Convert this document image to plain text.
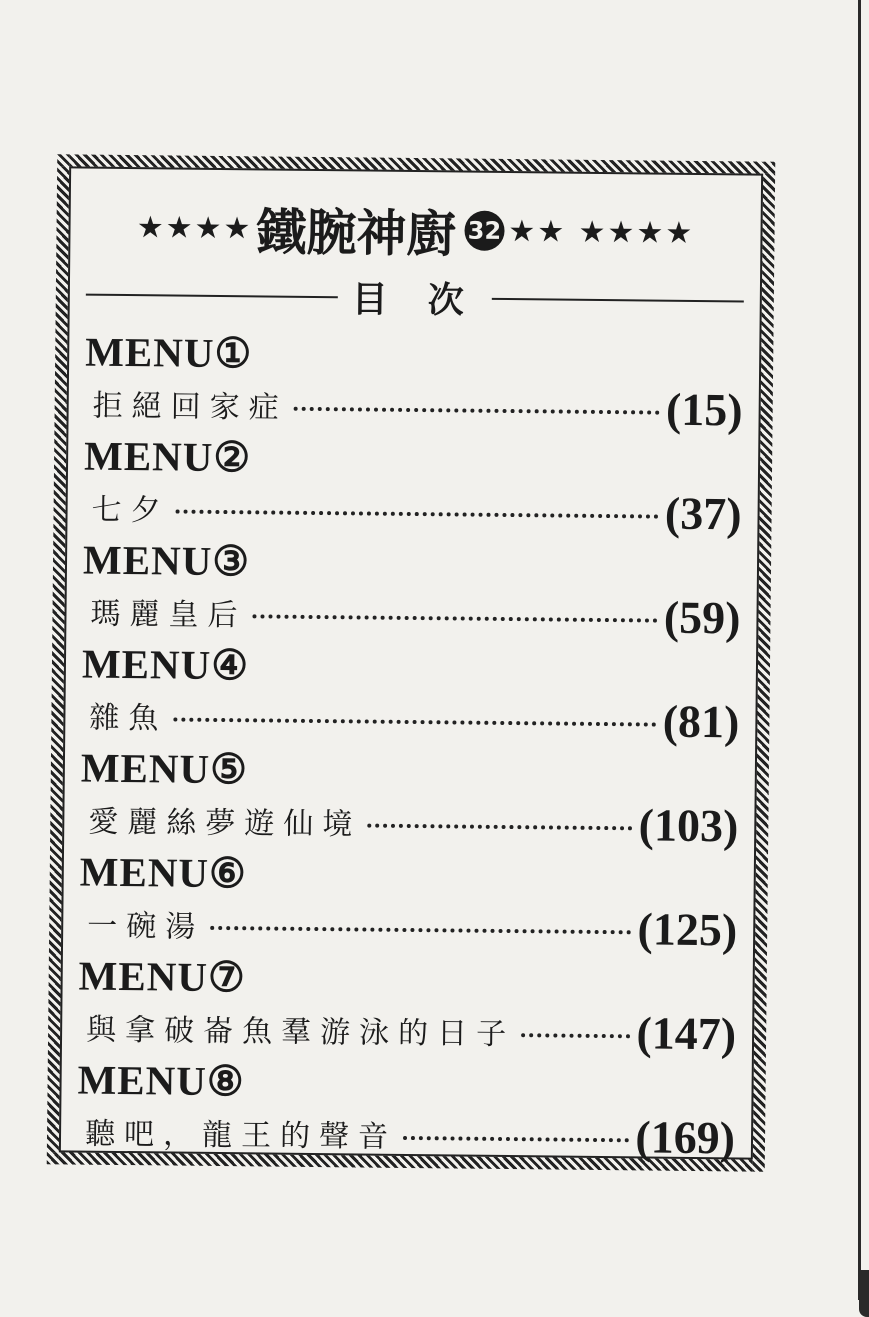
★★★★ 鐵腕神廚 32 ★★ ★★★★
目次
MENU①
拒絕回家症	(15)
MENU②
七夕	(37)
MENU③
瑪麗皇后	(59)
MENU④
雜魚	(81)
MENU⑤
愛麗絲夢遊仙境	(103)
MENU⑥
一碗湯	(125)
MENU⑦
與拿破崙魚羣游泳的日子	(147)
MENU⑧
聽吧，龍王的聲音	(169)
